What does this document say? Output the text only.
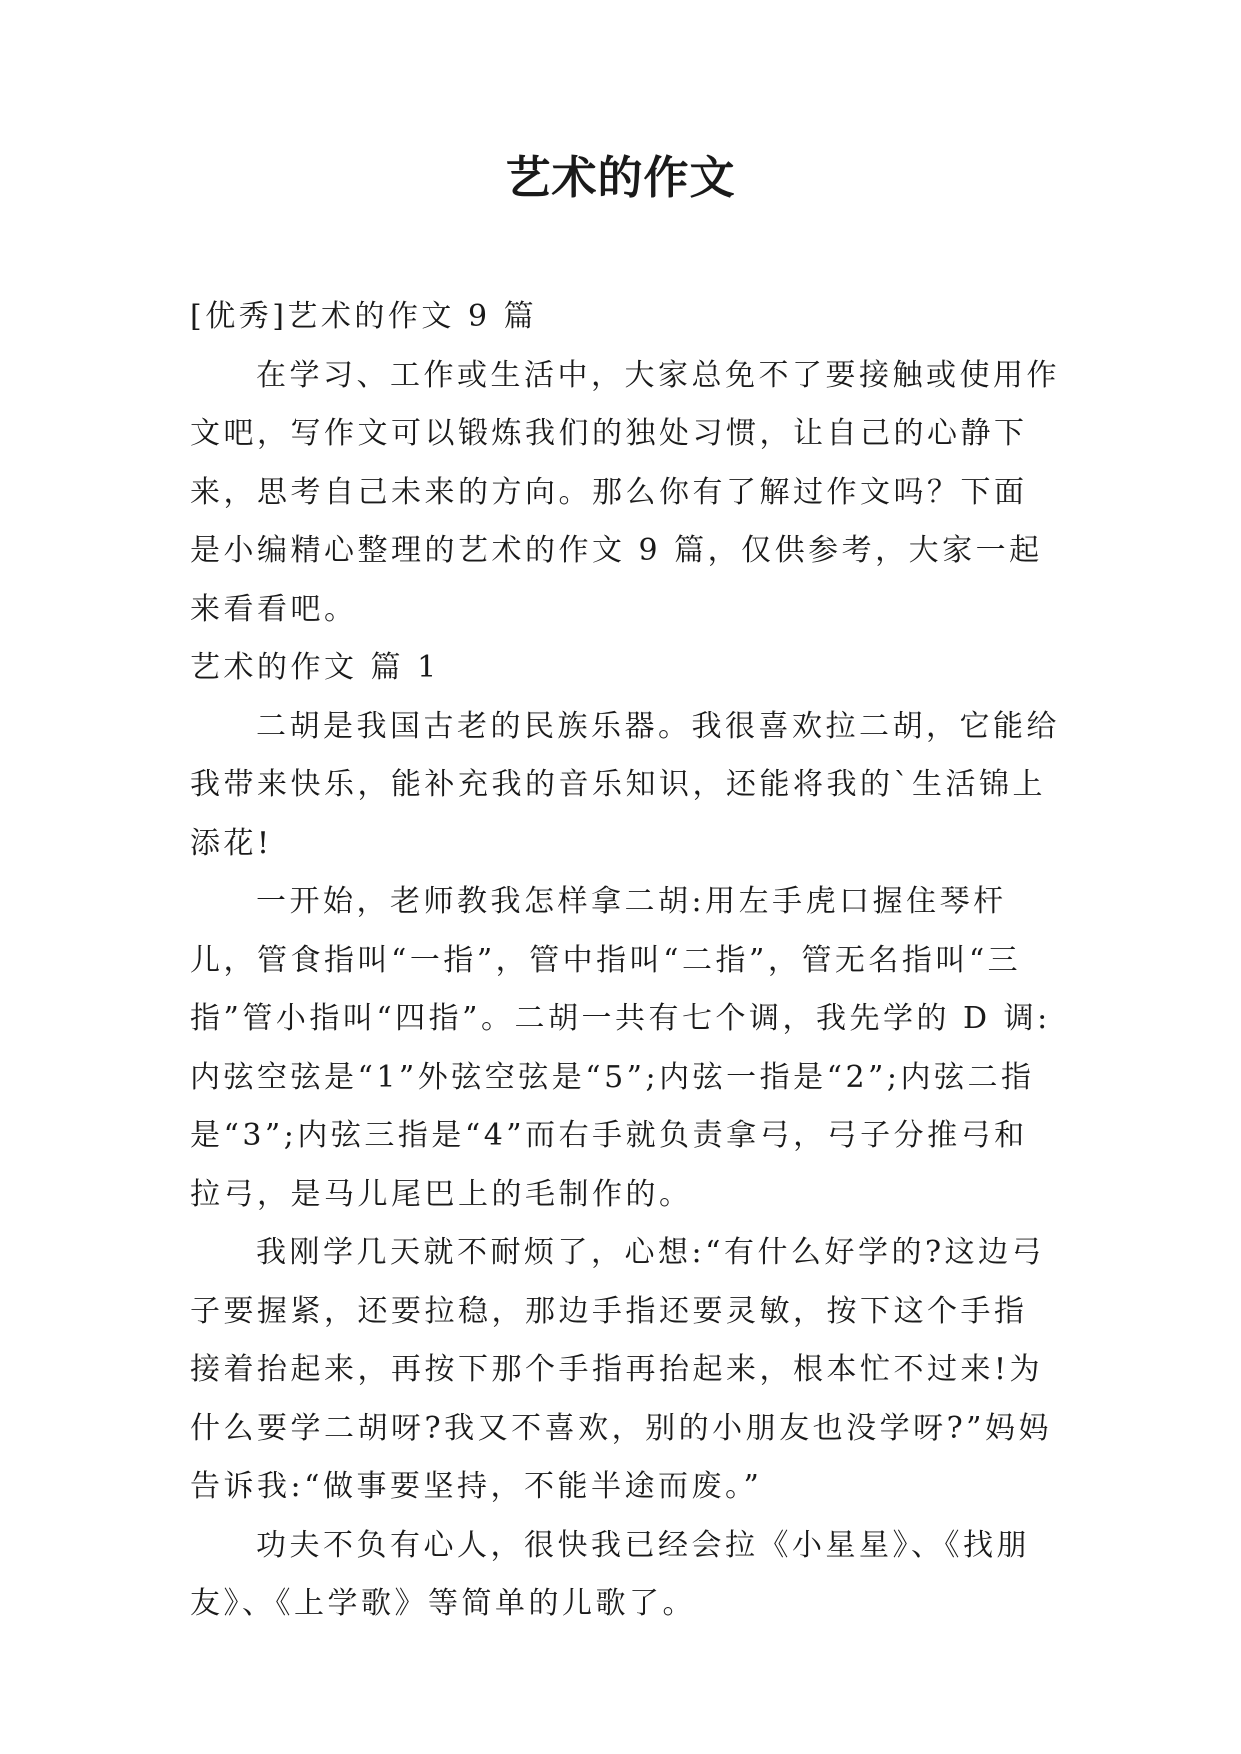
艺术的作文

[优秀]艺术的作文 9 篇

在学习、工作或生活中，大家总免不了要接触或使用作文吧，写作文可以锻炼我们的独处习惯，让自己的心静下来，思考自己未来的方向。那么你有了解过作文吗？下面是小编精心整理的艺术的作文 9 篇，仅供参考，大家一起来看看吧。

艺术的作文 篇 1

二胡是我国古老的民族乐器。我很喜欢拉二胡，它能给我带来快乐，能补充我的音乐知识，还能将我的`生活锦上添花!

一开始，老师教我怎样拿二胡:用左手虎口握住琴杆儿，管食指叫“一指”，管中指叫“二指”，管无名指叫“三指”管小指叫“四指”。二胡一共有七个调，我先学的 D 调:内弦空弦是“1”外弦空弦是“5”;内弦一指是“2”;内弦二指是“3”;内弦三指是“4”而右手就负责拿弓，弓子分推弓和拉弓，是马儿尾巴上的毛制作的。

我刚学几天就不耐烦了，心想:“有什么好学的?这边弓子要握紧，还要拉稳，那边手指还要灵敏，按下这个手指接着抬起来，再按下那个手指再抬起来，根本忙不过来!为什么要学二胡呀?我又不喜欢，别的小朋友也没学呀?”妈妈告诉我:“做事要坚持，不能半途而废。”

功夫不负有心人，很快我已经会拉《小星星》、《找朋友》、《上学歌》等简单的儿歌了。
